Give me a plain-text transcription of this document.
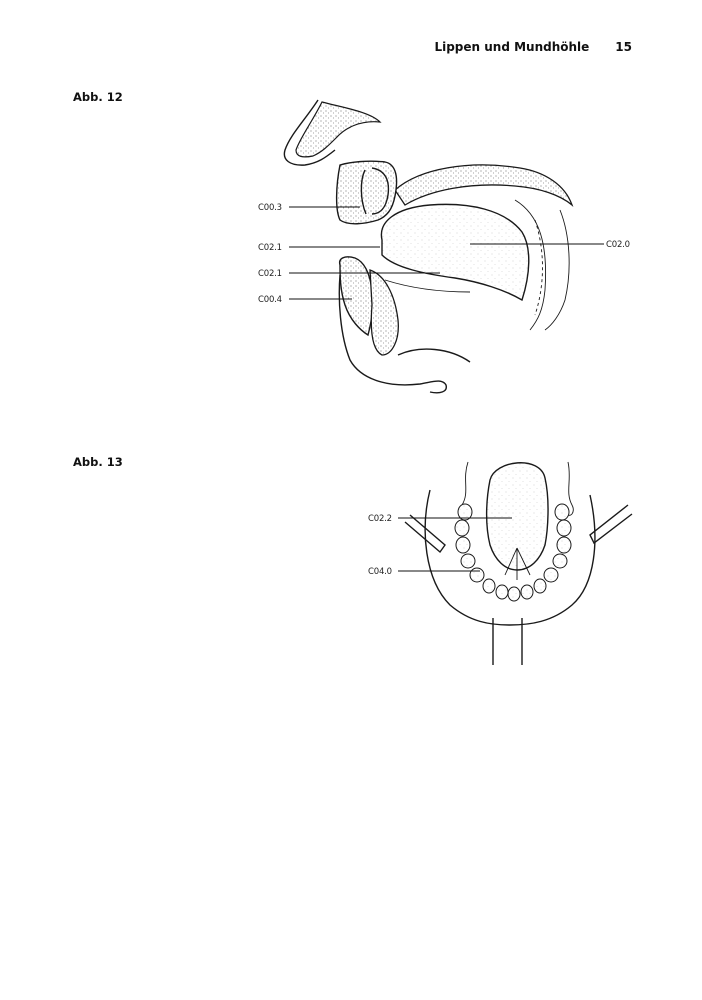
Lippen und Mundhöhle 15
Abb. 12
C00.3
C02.1
C02.1
C00.4
C02.0
Abb. 13
C02.2
C04.0
